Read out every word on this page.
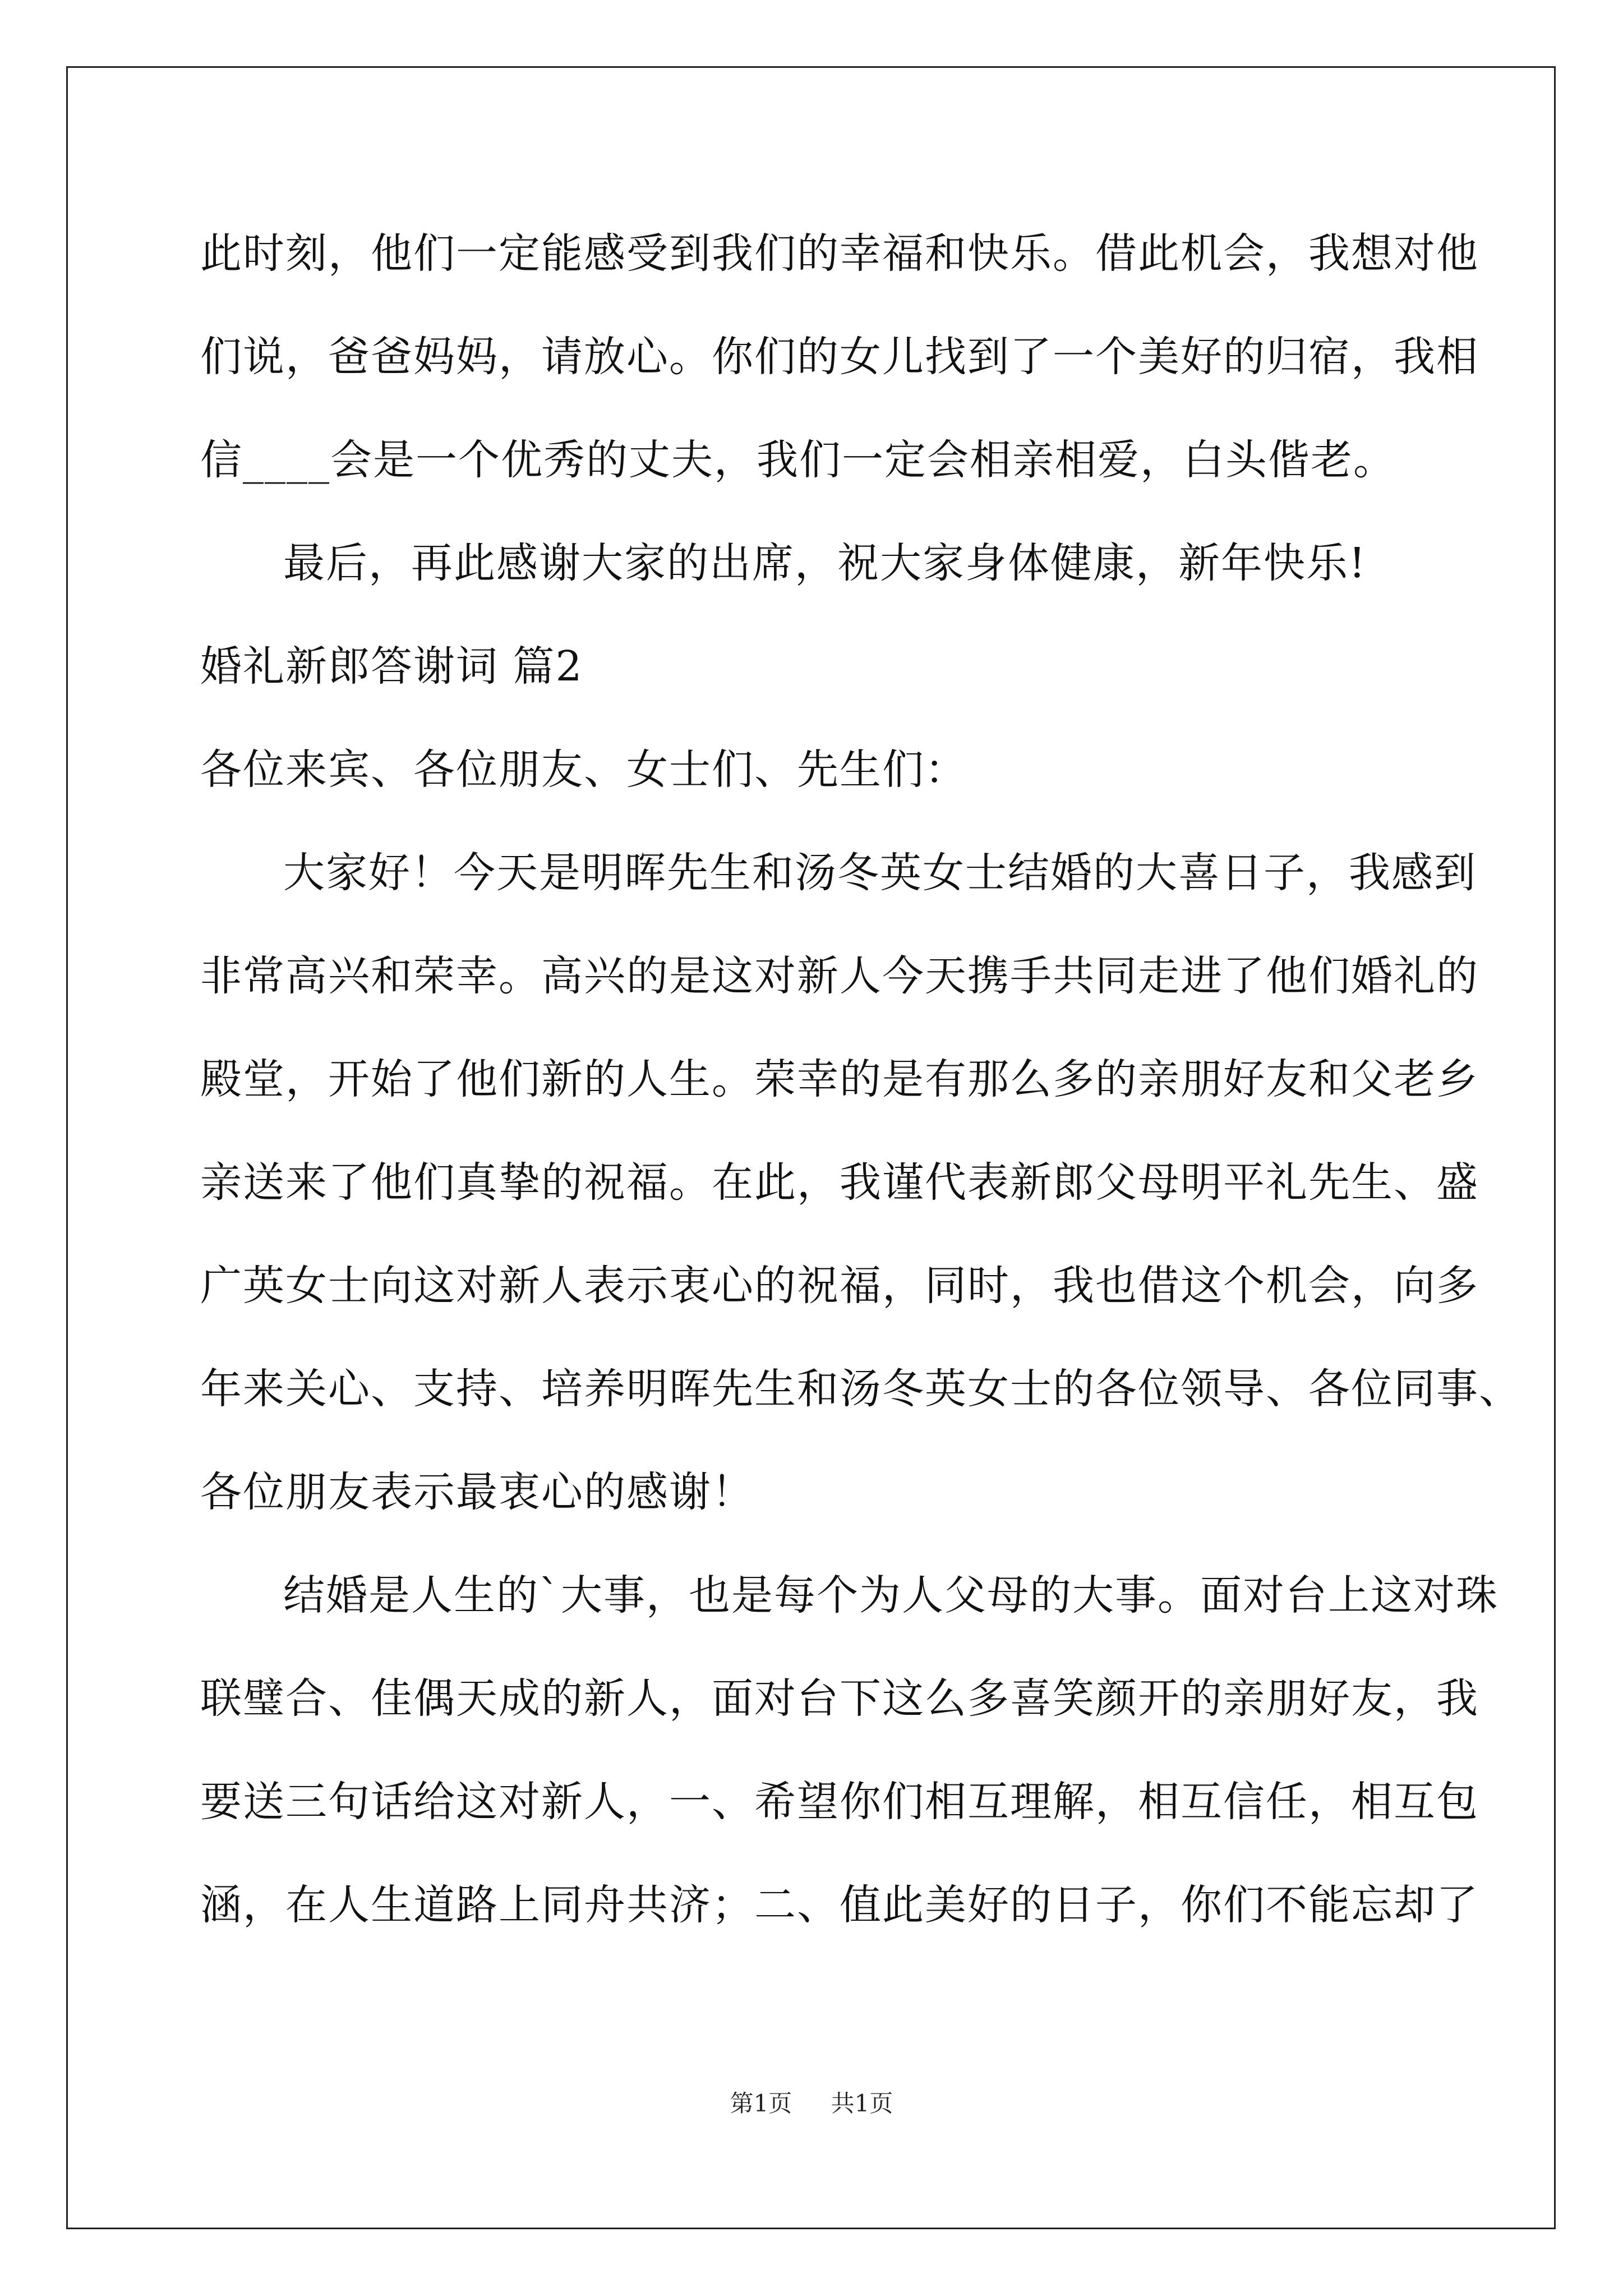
此时刻，他们一定能感受到我们的幸福和快乐。借此机会，我想对他
们说，爸爸妈妈，请放心。你们的女儿找到了一个美好的归宿，我相
信____会是一个优秀的丈夫，我们一定会相亲相爱，白头偕老。
最后，再此感谢大家的出席，祝大家身体健康，新年快乐!
婚礼新郎答谢词 篇2
各位来宾、各位朋友、女士们、先生们：
大家好！今天是明晖先生和汤冬英女士结婚的大喜日子，我感到
非常高兴和荣幸。高兴的是这对新人今天携手共同走进了他们婚礼的
殿堂，开始了他们新的人生。荣幸的是有那么多的亲朋好友和父老乡
亲送来了他们真挚的祝福。在此，我谨代表新郎父母明平礼先生、盛
广英女士向这对新人表示衷心的祝福，同时，我也借这个机会，向多
年来关心、支持、培养明晖先生和汤冬英女士的各位领导、各位同事、
各位朋友表示最衷心的感谢！
结婚是人生的`大事，也是每个为人父母的大事。面对台上这对珠
联璧合、佳偶天成的新人，面对台下这么多喜笑颜开的亲朋好友，我
要送三句话给这对新人，一、希望你们相互理解，相互信任，相互包
涵，在人生道路上同舟共济；二、值此美好的日子，你们不能忘却了
第1页 共1页
